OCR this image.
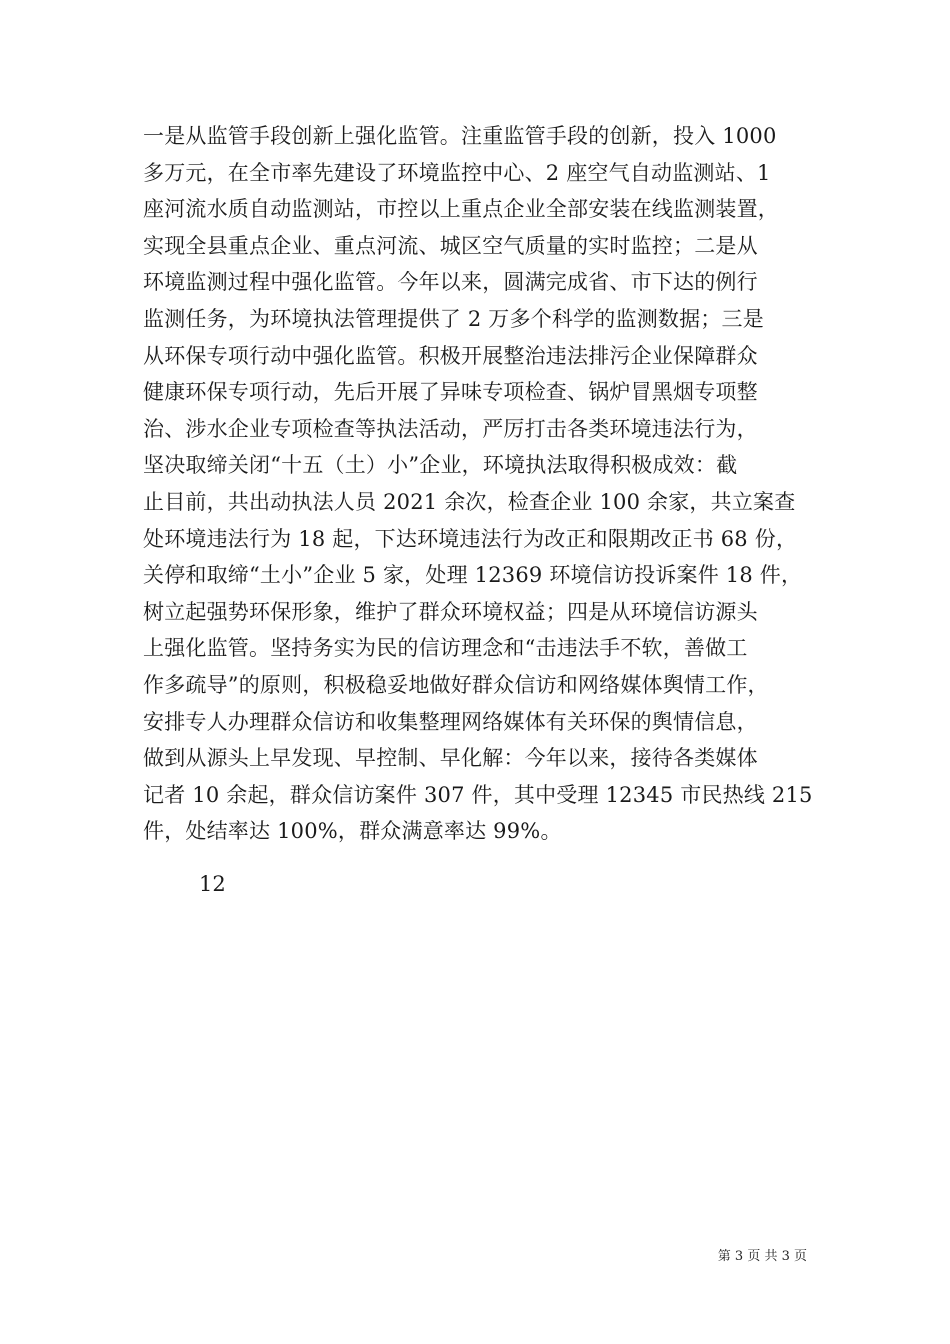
一是从监管手段创新上强化监管。注重监管手段的创新，投入 1000
多万元，在全市率先建设了环境监控中心、2 座空气自动监测站、1
座河流水质自动监测站，市控以上重点企业全部安装在线监测装置，
实现全县重点企业、重点河流、城区空气质量的实时监控；二是从
环境监测过程中强化监管。今年以来，圆满完成省、市下达的例行
监测任务，为环境执法管理提供了 2 万多个科学的监测数据；三是
从环保专项行动中强化监管。积极开展整治违法排污企业保障群众
健康环保专项行动，先后开展了异味专项检查、锅炉冒黑烟专项整
治、涉水企业专项检查等执法活动，严厉打击各类环境违法行为，
坚决取缔关闭“十五（土）小”企业，环境执法取得积极成效：截
止目前，共出动执法人员 2021 余次，检查企业 100 余家，共立案查
处环境违法行为 18 起，下达环境违法行为改正和限期改正书 68 份，
关停和取缔“土小”企业 5 家，处理 12369 环境信访投诉案件 18 件，
树立起强势环保形象，维护了群众环境权益；四是从环境信访源头
上强化监管。坚持务实为民的信访理念和“击违法手不软，善做工
作多疏导”的原则，积极稳妥地做好群众信访和网络媒体舆情工作，
安排专人办理群众信访和收集整理网络媒体有关环保的舆情信息，
做到从源头上早发现、早控制、早化解：今年以来，接待各类媒体
记者 10 余起，群众信访案件 307 件，其中受理 12345 市民热线 215
件，处结率达 100%，群众满意率达 99%。
12
第 3 页 共 3 页
